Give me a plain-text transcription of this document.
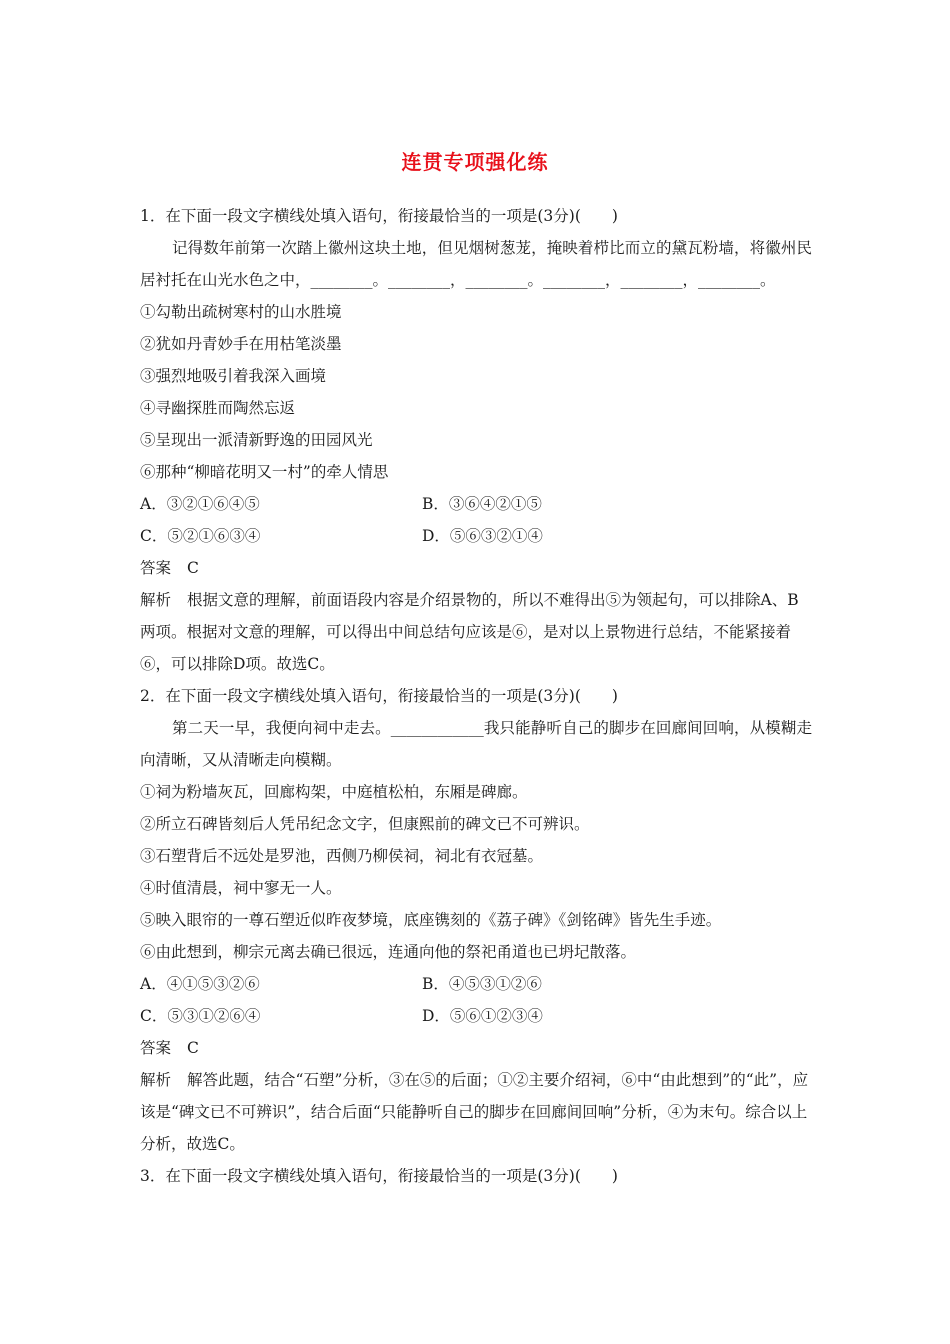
连贯专项强化练
1．在下面一段文字横线处填入语句，衔接最恰当的一项是(3分)(　　)
记得数年前第一次踏上徽州这块土地，但见烟树葱茏，掩映着栉比而立的黛瓦粉墙，将徽州民居衬托在山光水色之中，________。________，________。________，________，________。
①勾勒出疏树寒村的山水胜境
②犹如丹青妙手在用枯笔淡墨
③强烈地吸引着我深入画境
④寻幽探胜而陶然忘返
⑤呈现出一派清新野逸的田园风光
⑥那种“柳暗花明又一村”的牵人情思
A．③②①⑥④⑤	B．③⑥④②①⑤
C．⑤②①⑥③④	D．⑤⑥③②①④
答案 C
解析 根据文意的理解，前面语段内容是介绍景物的，所以不难得出⑤为领起句，可以排除A、B两项。根据对文意的理解，可以得出中间总结句应该是⑥，是对以上景物进行总结，不能紧接着⑥，可以排除D项。故选C。
2．在下面一段文字横线处填入语句，衔接最恰当的一项是(3分)(　　)
第二天一早，我便向祠中走去。____________我只能静听自己的脚步在回廊间回响，从模糊走向清晰，又从清晰走向模糊。
①祠为粉墙灰瓦，回廊构架，中庭植松柏，东厢是碑廊。
②所立石碑皆刻后人凭吊纪念文字，但康熙前的碑文已不可辨识。
③石塑背后不远处是罗池，西侧乃柳侯祠，祠北有衣冠墓。
④时值清晨，祠中寥无一人。
⑤映入眼帘的一尊石塑近似昨夜梦境，底座镌刻的《荔子碑》《剑铭碑》皆先生手迹。
⑥由此想到，柳宗元离去确已很远，连通向他的祭祀甬道也已坍圮散落。
A．④①⑤③②⑥	B．④⑤③①②⑥
C．⑤③①②⑥④	D．⑤⑥①②③④
答案 C
解析 解答此题，结合“石塑”分析，③在⑤的后面；①②主要介绍祠，⑥中“由此想到”的“此”，应该是“碑文已不可辨识”，结合后面“只能静听自己的脚步在回廊间回响”分析，④为末句。综合以上分析，故选C。
3．在下面一段文字横线处填入语句，衔接最恰当的一项是(3分)(　　)
